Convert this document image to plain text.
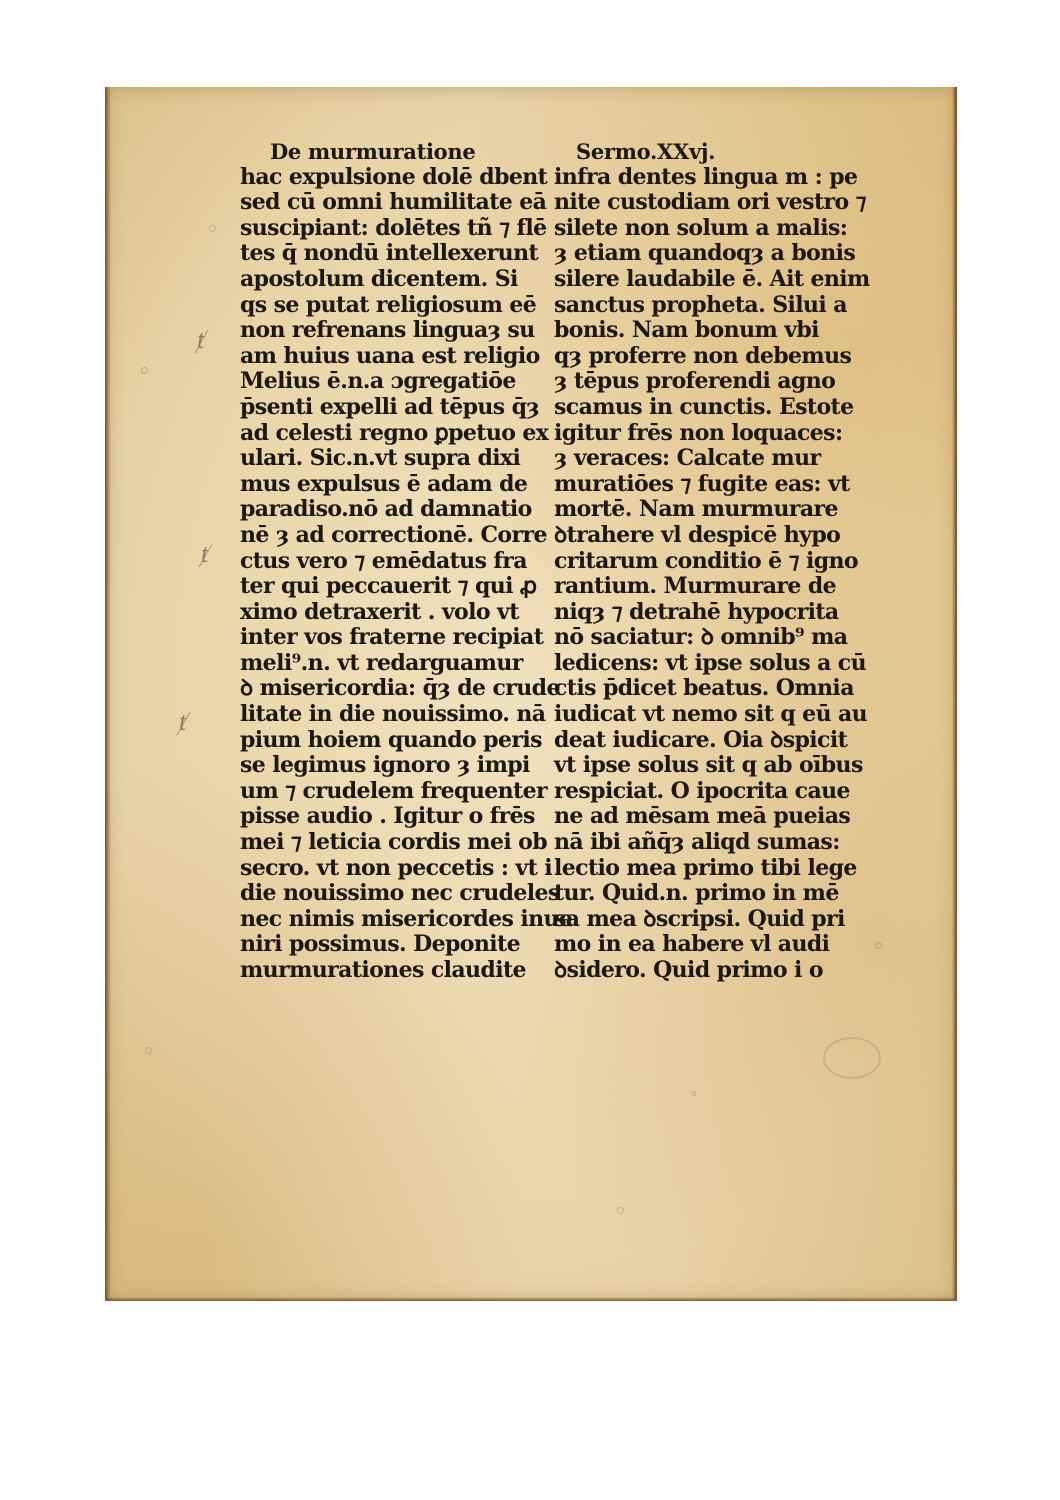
ⱦ
ⱦ
ⱦ
De murmuratione
hac expulsione dolē dbent
sed cū omni humilitate eā
suscipiant: dolētes tñ ⁊ flē
tes q̄ nondū intellexerunt
apostolum dicentem. Si
qs se putat religiosum eē
non refrenans linguaȝ su
am huius uana est religio
Melius ē.n.a ɔgregatiōe
p̄senti expelli ad tēpus q̄ȝ
ad celesti regno ꝑpetuo ex
ulari. Sic.n.vt supra dixi
mus expulsus ē adam de
paradiso.nō ad damnatio
nē ȝ ad correctionē. Corre
ctus vero ⁊ emēdatus fra
ter qui peccauerit ⁊ qui ꝓ
ximo detraxerit . volo vt
inter vos fraterne recipiat
meli⁹.n. vt redarguamur
ꝺ misericordia: q̄ȝ de crude
litate in die nouissimo. nā
pium hoiem quando peris
se legimus ignoro ȝ impi
um ⁊ crudelem frequenter
pisse audio . Igitur o frēs
mei ⁊ leticia cordis mei ob
secro. vt non peccetis : vt i
die nouissimo nec crudeles
nec nimis misericordes inue
niri possimus. Deponite
murmurationes claudite
Sermo.XXvj.
infra dentes lingua m : pe
nite custodiam ori vestro ⁊
silete non solum a malis:
ȝ etiam quandoqȝ a bonis
silere laudabile ē. Ait enim
sanctus propheta. Silui a
bonis. Nam bonum vbi
qȝ proferre non debemus
ȝ tēpus proferendi agno
scamus in cunctis. Estote
igitur frēs non loquaces:
ȝ veraces: Calcate mur
muratiōes ⁊ fugite eas: vt
mortē. Nam murmurare
ꝺtrahere vl despicē hypo
critarum conditio ē ⁊ igno
rantium. Murmurare de
niqȝ ⁊ detrahē hypocrita
nō saciatur: ꝺ omnib⁹ ma
ledicens: vt ipse solus a cū
ctis p̄dicet beatus. Omnia
iudicat vt nemo sit q eū au
deat iudicare. Oia ꝺspicit
vt ipse solus sit q ab oībus
respiciat. O ipocrita caue
ne ad mēsam meā pueias
nā ibi añq̄ȝ aliqd sumas:
lectio mea primo tibi lege
tur. Quid.n. primo in mē
sa mea ꝺscripsi. Quid pri
mo in ea habere vl audi
ꝺsidero. Quid primo i o
◦
